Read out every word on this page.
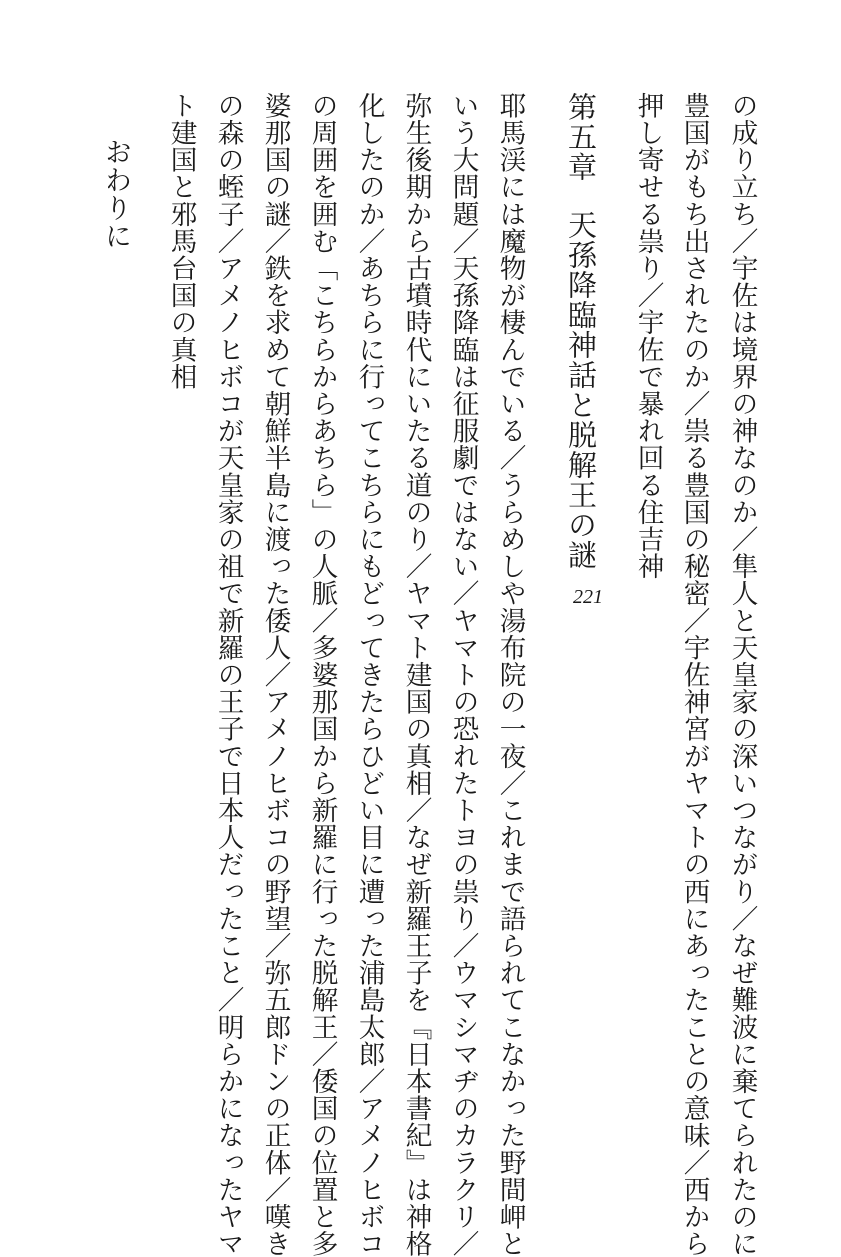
の成り立ち／宇佐は境界の神なのか／隼人と天皇家の深いつながり／なぜ難波に棄てられたのに

豊国がもち出されたのか／祟る豊国の秘密／宇佐神宮がヤマトの西にあったことの意味／西から

押し寄せる祟り／宇佐で暴れ回る住吉神

第五章天孫降臨神話と脱解王の謎
221

耶馬渓には魔物が棲んでいる／うらめしや湯布院の一夜／これまで語られてこなかった野間岬と

いう大問題／天孫降臨は征服劇ではない／ヤマトの恐れたトヨの祟り／ウマシマヂのカラクリ／

弥生後期から古墳時代にいたる道のり／ヤマト建国の真相／なぜ新羅王子を『日本書紀』は神格

化したのか／あちらに行ってこちらにもどってきたらひどい目に遭った浦島太郎／アメノヒボコ

の周囲を囲む「こちらからあちら」の人脈／多婆那国から新羅に行った脱解王／倭国の位置と多

婆那国の謎／鉄を求めて朝鮮半島に渡った倭人／アメノヒボコの野望／弥五郎ドンの正体／嘆き

の森の蛭子／アメノヒボコが天皇家の祖で新羅の王子で日本人だったこと／明らかになったヤマ

ト建国と邪馬台国の真相

おわりに
